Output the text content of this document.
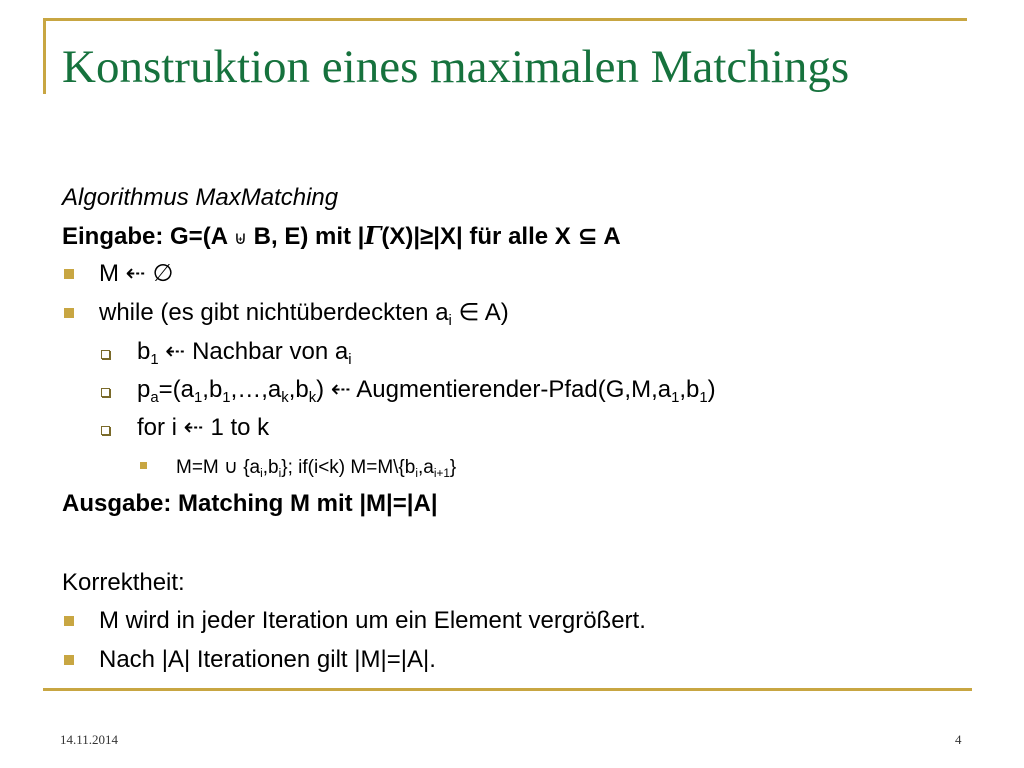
Konstruktion eines maximalen Matchings
Algorithmus MaxMatching
Eingabe: G=(A ⊎ B, E) mit |Γ(X)|≥|X| für alle X ⊆ A
M ⇠ ∅
while (es gibt nichtüberdeckten $a_i$ ∈ A)
$b_1$ ⇠ Nachbar von $a_i$
$p_a=(a_1,b_1,\dots,a_k,b_k)$ ⇠ Augmentierender-$Pfad(G,M,a_1,b_1)$
for i ⇠ 1 to k
M=M ∪ $\{a_i,b_i\}$; if(i<k) $M=M\backslash\{b_i,a_{i+1}\}$
Ausgabe: Matching M mit |M|=|A|
Korrektheit:
M wird in jeder Iteration um ein Element vergrößert.
Nach |A| Iterationen gilt |M|=|A|.
14.11.2014	4
